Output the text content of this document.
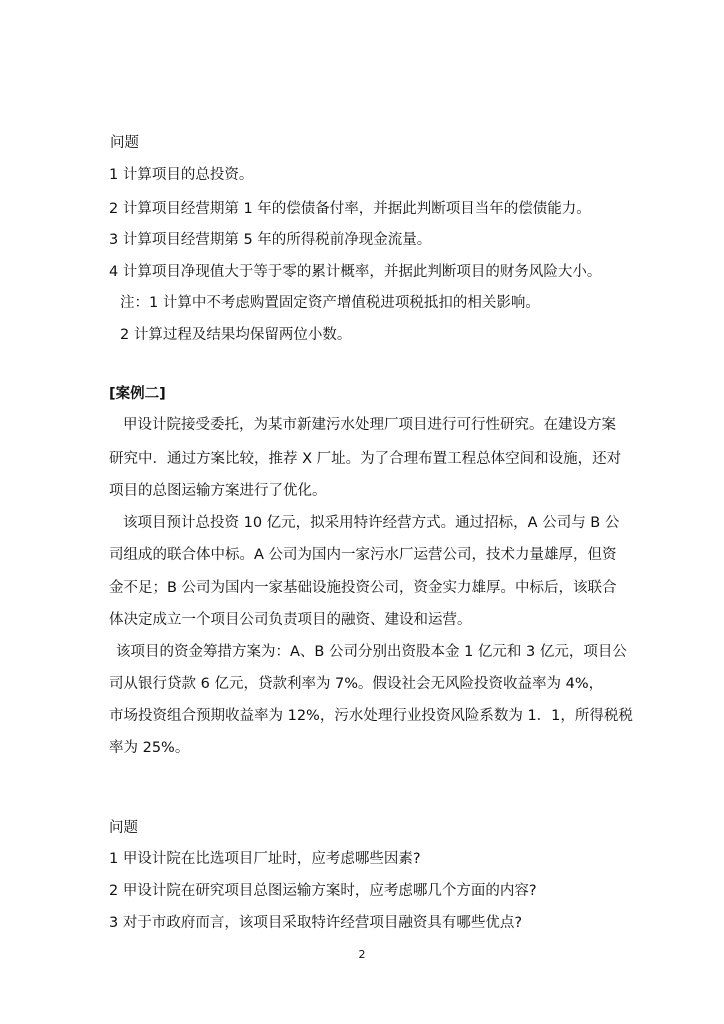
问题
1 计算项目的总投资。
2 计算项目经营期第 1 年的偿债备付率，并据此判断项目当年的偿债能力。
3 计算项目经营期第 5 年的所得税前净现金流量。
4 计算项目净现值大于等于零的累计概率，并据此判断项目的财务风险大小。
注：1 计算中不考虑购置固定资产增值税进项税抵扣的相关影响。
2 计算过程及结果均保留两位小数。
[案例二]
甲设计院接受委托，为某市新建污水处理厂项目进行可行性研究。在建设方案
研究中．通过方案比较，推荐 X 厂址。为了合理布置工程总体空间和设施，还对
项目的总图运输方案进行了优化。
该项目预计总投资 10 亿元，拟采用特许经营方式。通过招标，A 公司与 B 公
司组成的联合体中标。A 公司为国内一家污水厂运营公司，技术力量雄厚，但资
金不足；B 公司为国内一家基础设施投资公司，资金实力雄厚。中标后，该联合
体决定成立一个项目公司负责项目的融资、建设和运营。
该项目的资金筹措方案为：A、B 公司分别出资股本金 1 亿元和 3 亿元，项目公
司从银行贷款 6 亿元，贷款利率为 7%。假设社会无风险投资收益率为 4%，
市场投资组合预期收益率为 12%，污水处理行业投资风险系数为 1．1，所得税税
率为 25%。
问题
1 甲设计院在比选项目厂址时，应考虑哪些因素?
2 甲设计院在研究项目总图运输方案时，应考虑哪几个方面的内容?
3 对于市政府而言，该项目采取特许经营项目融资具有哪些优点?
2
